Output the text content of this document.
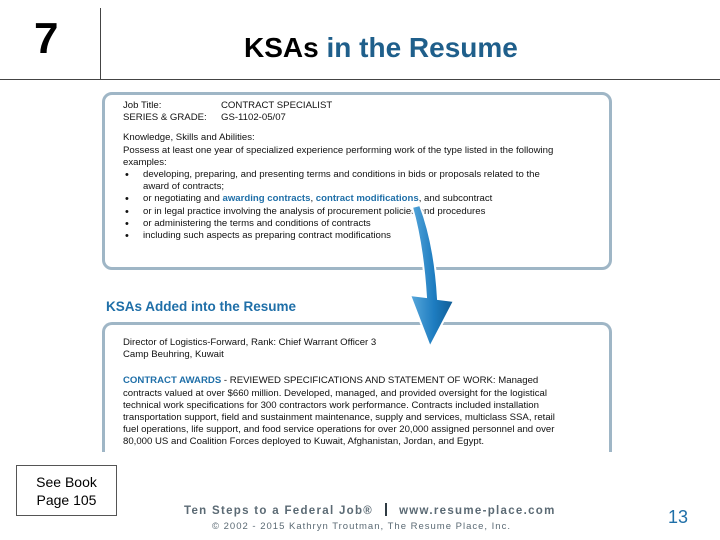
7	KSAs in the Resume
Job Title:	CONTRACT SPECIALIST
SERIES & GRADE:	GS-1102-05/07
Knowledge, Skills and Abilities:
Possess at least one year of specialized experience performing work of the type listed in the following
examples:
• developing, preparing, and presenting terms and conditions in bids or proposals related to the
award of contracts;
• or negotiating and awarding contracts, contract modifications, and subcontract
• or in legal practice involving the analysis of procurement policies and procedures
• or administering the terms and conditions of contracts
• including such aspects as preparing contract modifications
KSAs Added into the Resume
Director of Logistics-Forward, Rank: Chief Warrant Officer 3
Camp Beuhring, Kuwait
CONTRACT AWARDS - REVIEWED SPECIFICATIONS AND STATEMENT OF WORK: Managed
contracts valued at over $660 million. Developed, managed, and provided oversight for the logistical
technical work specifications for 300 contractors work performance. Contracts included installation
transportation support, field and sustainment maintenance, supply and services, multiclass SSA, retail
fuel operations, life support, and food service operations for over 20,000 assigned personnel and over
80,000 US and Coalition Forces deployed to Kuwait, Afghanistan, Jordan, and Egypt.
See Book
Page 105
Ten Steps to a Federal Job® www.resume-place.com
© 2002 - 2015 Kathryn Troutman, The Resume Place, Inc.	13
